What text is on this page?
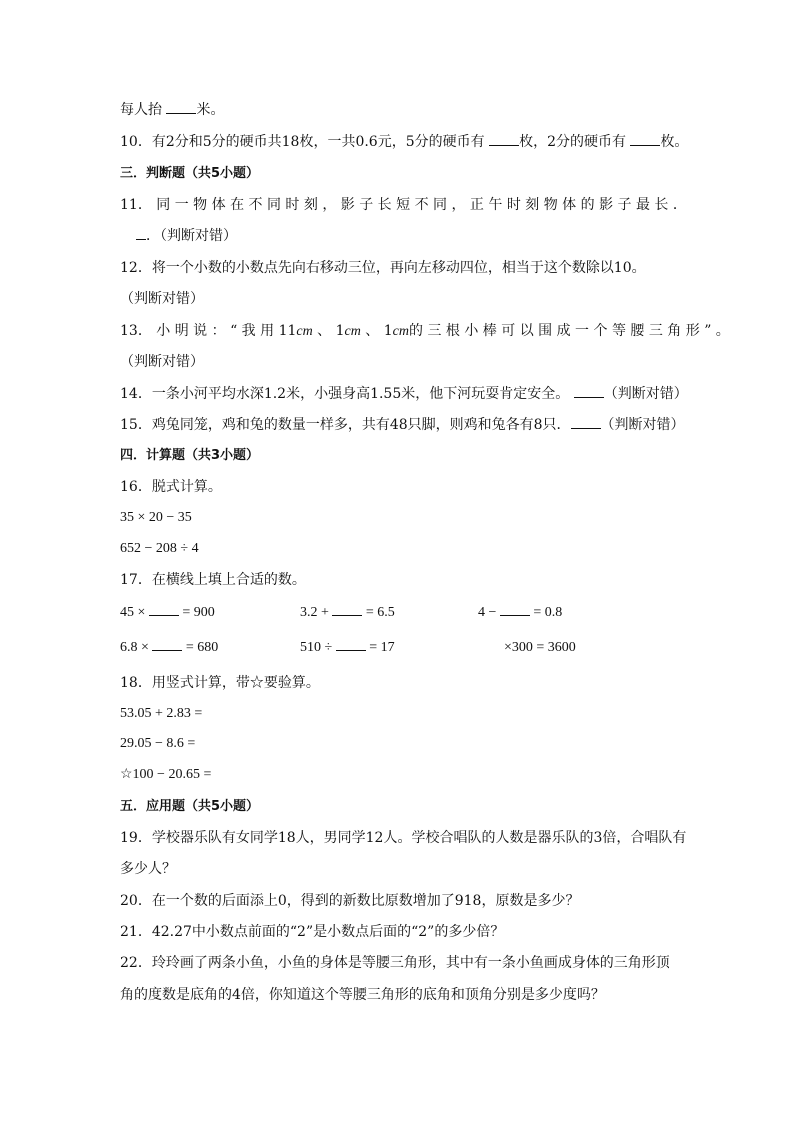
每人抬 米。
10．有2分和5分的硬币共18枚，一共0.6元，5分的硬币有 枚，2分的硬币有 枚。
三．判断题（共5小题）
11． 同 一 物 体 在 不 同 时 刻 ， 影 子 长 短 不 同 ， 正 午 时 刻 物 体 的 影 子 最 长 ．
．（判断对错）
12．将一个小数的小数点先向右移动三位，再向左移动四位，相当于这个数除以10。
（判断对错）
13． 小 明 说 ： “ 我 用 11cm 、 1cm 、 1cm的 三 根 小 棒 可 以 围 成 一 个 等 腰 三 角 形 ” 。
（判断对错）
14．一条小河平均水深1.2米，小强身高1.55米，他下河玩耍肯定安全。 （判断对错）
15．鸡兔同笼，鸡和兔的数量一样多，共有48只脚，则鸡和兔各有8只． （判断对错）
四．计算题（共3小题）
16．脱式计算。
35 × 20 − 35
652 − 208 ÷ 4
17．在横线上填上合适的数。
45 ×  = 900	3.2 +  = 6.5	4 −  = 0.8
6.8 ×  = 680	510 ÷  = 17	×300 = 3600
18．用竖式计算，带☆要验算。
53.05 + 2.83 =
29.05 − 8.6 =
☆100 − 20.65 =
五．应用题（共5小题）
19．学校器乐队有女同学18人，男同学12人。学校合唱队的人数是器乐队的3倍，合唱队有
多少人？
20．在一个数的后面添上0，得到的新数比原数增加了918，原数是多少？
21．42.27中小数点前面的“2”是小数点后面的“2”的多少倍？
22．玲玲画了两条小鱼，小鱼的身体是等腰三角形，其中有一条小鱼画成身体的三角形顶
角的度数是底角的4倍，你知道这个等腰三角形的底角和顶角分别是多少度吗？
